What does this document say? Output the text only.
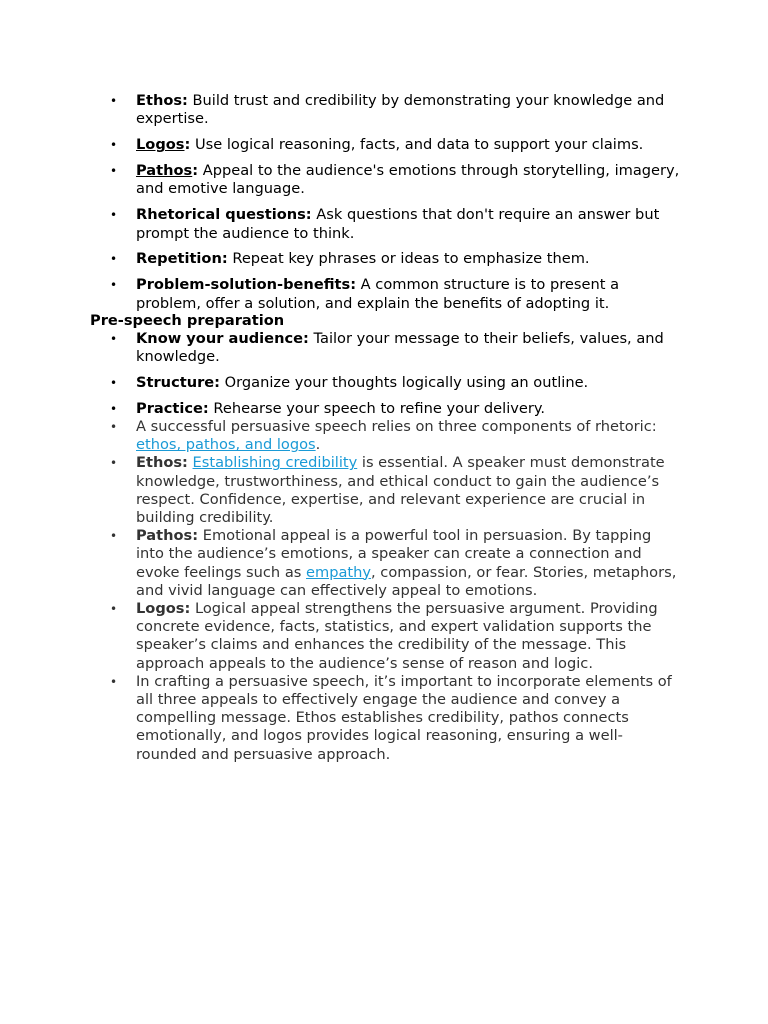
• Ethos: Build trust and credibility by demonstrating your knowledge and expertise.
• Logos: Use logical reasoning, facts, and data to support your claims.
• Pathos: Appeal to the audience's emotions through storytelling, imagery, and emotive language.
• Rhetorical questions: Ask questions that don't require an answer but prompt the audience to think.
• Repetition: Repeat key phrases or ideas to emphasize them.
• Problem-solution-benefits: A common structure is to present a problem, offer a solution, and explain the benefits of adopting it.
Pre-speech preparation
• Know your audience: Tailor your message to their beliefs, values, and knowledge.
• Structure: Organize your thoughts logically using an outline.
• Practice: Rehearse your speech to refine your delivery.
• A successful persuasive speech relies on three components of rhetoric: ethos, pathos, and logos.
• Ethos: Establishing credibility is essential. A speaker must demonstrate knowledge, trustworthiness, and ethical conduct to gain the audience’s respect. Confidence, expertise, and relevant experience are crucial in building credibility.
• Pathos: Emotional appeal is a powerful tool in persuasion. By tapping into the audience’s emotions, a speaker can create a connection and evoke feelings such as empathy, compassion, or fear. Stories, metaphors, and vivid language can effectively appeal to emotions.
• Logos: Logical appeal strengthens the persuasive argument. Providing concrete evidence, facts, statistics, and expert validation supports the speaker’s claims and enhances the credibility of the message. This approach appeals to the audience’s sense of reason and logic.
• In crafting a persuasive speech, it’s important to incorporate elements of all three appeals to effectively engage the audience and convey a compelling message. Ethos establishes credibility, pathos connects emotionally, and logos provides logical reasoning, ensuring a well-rounded and persuasive approach.
